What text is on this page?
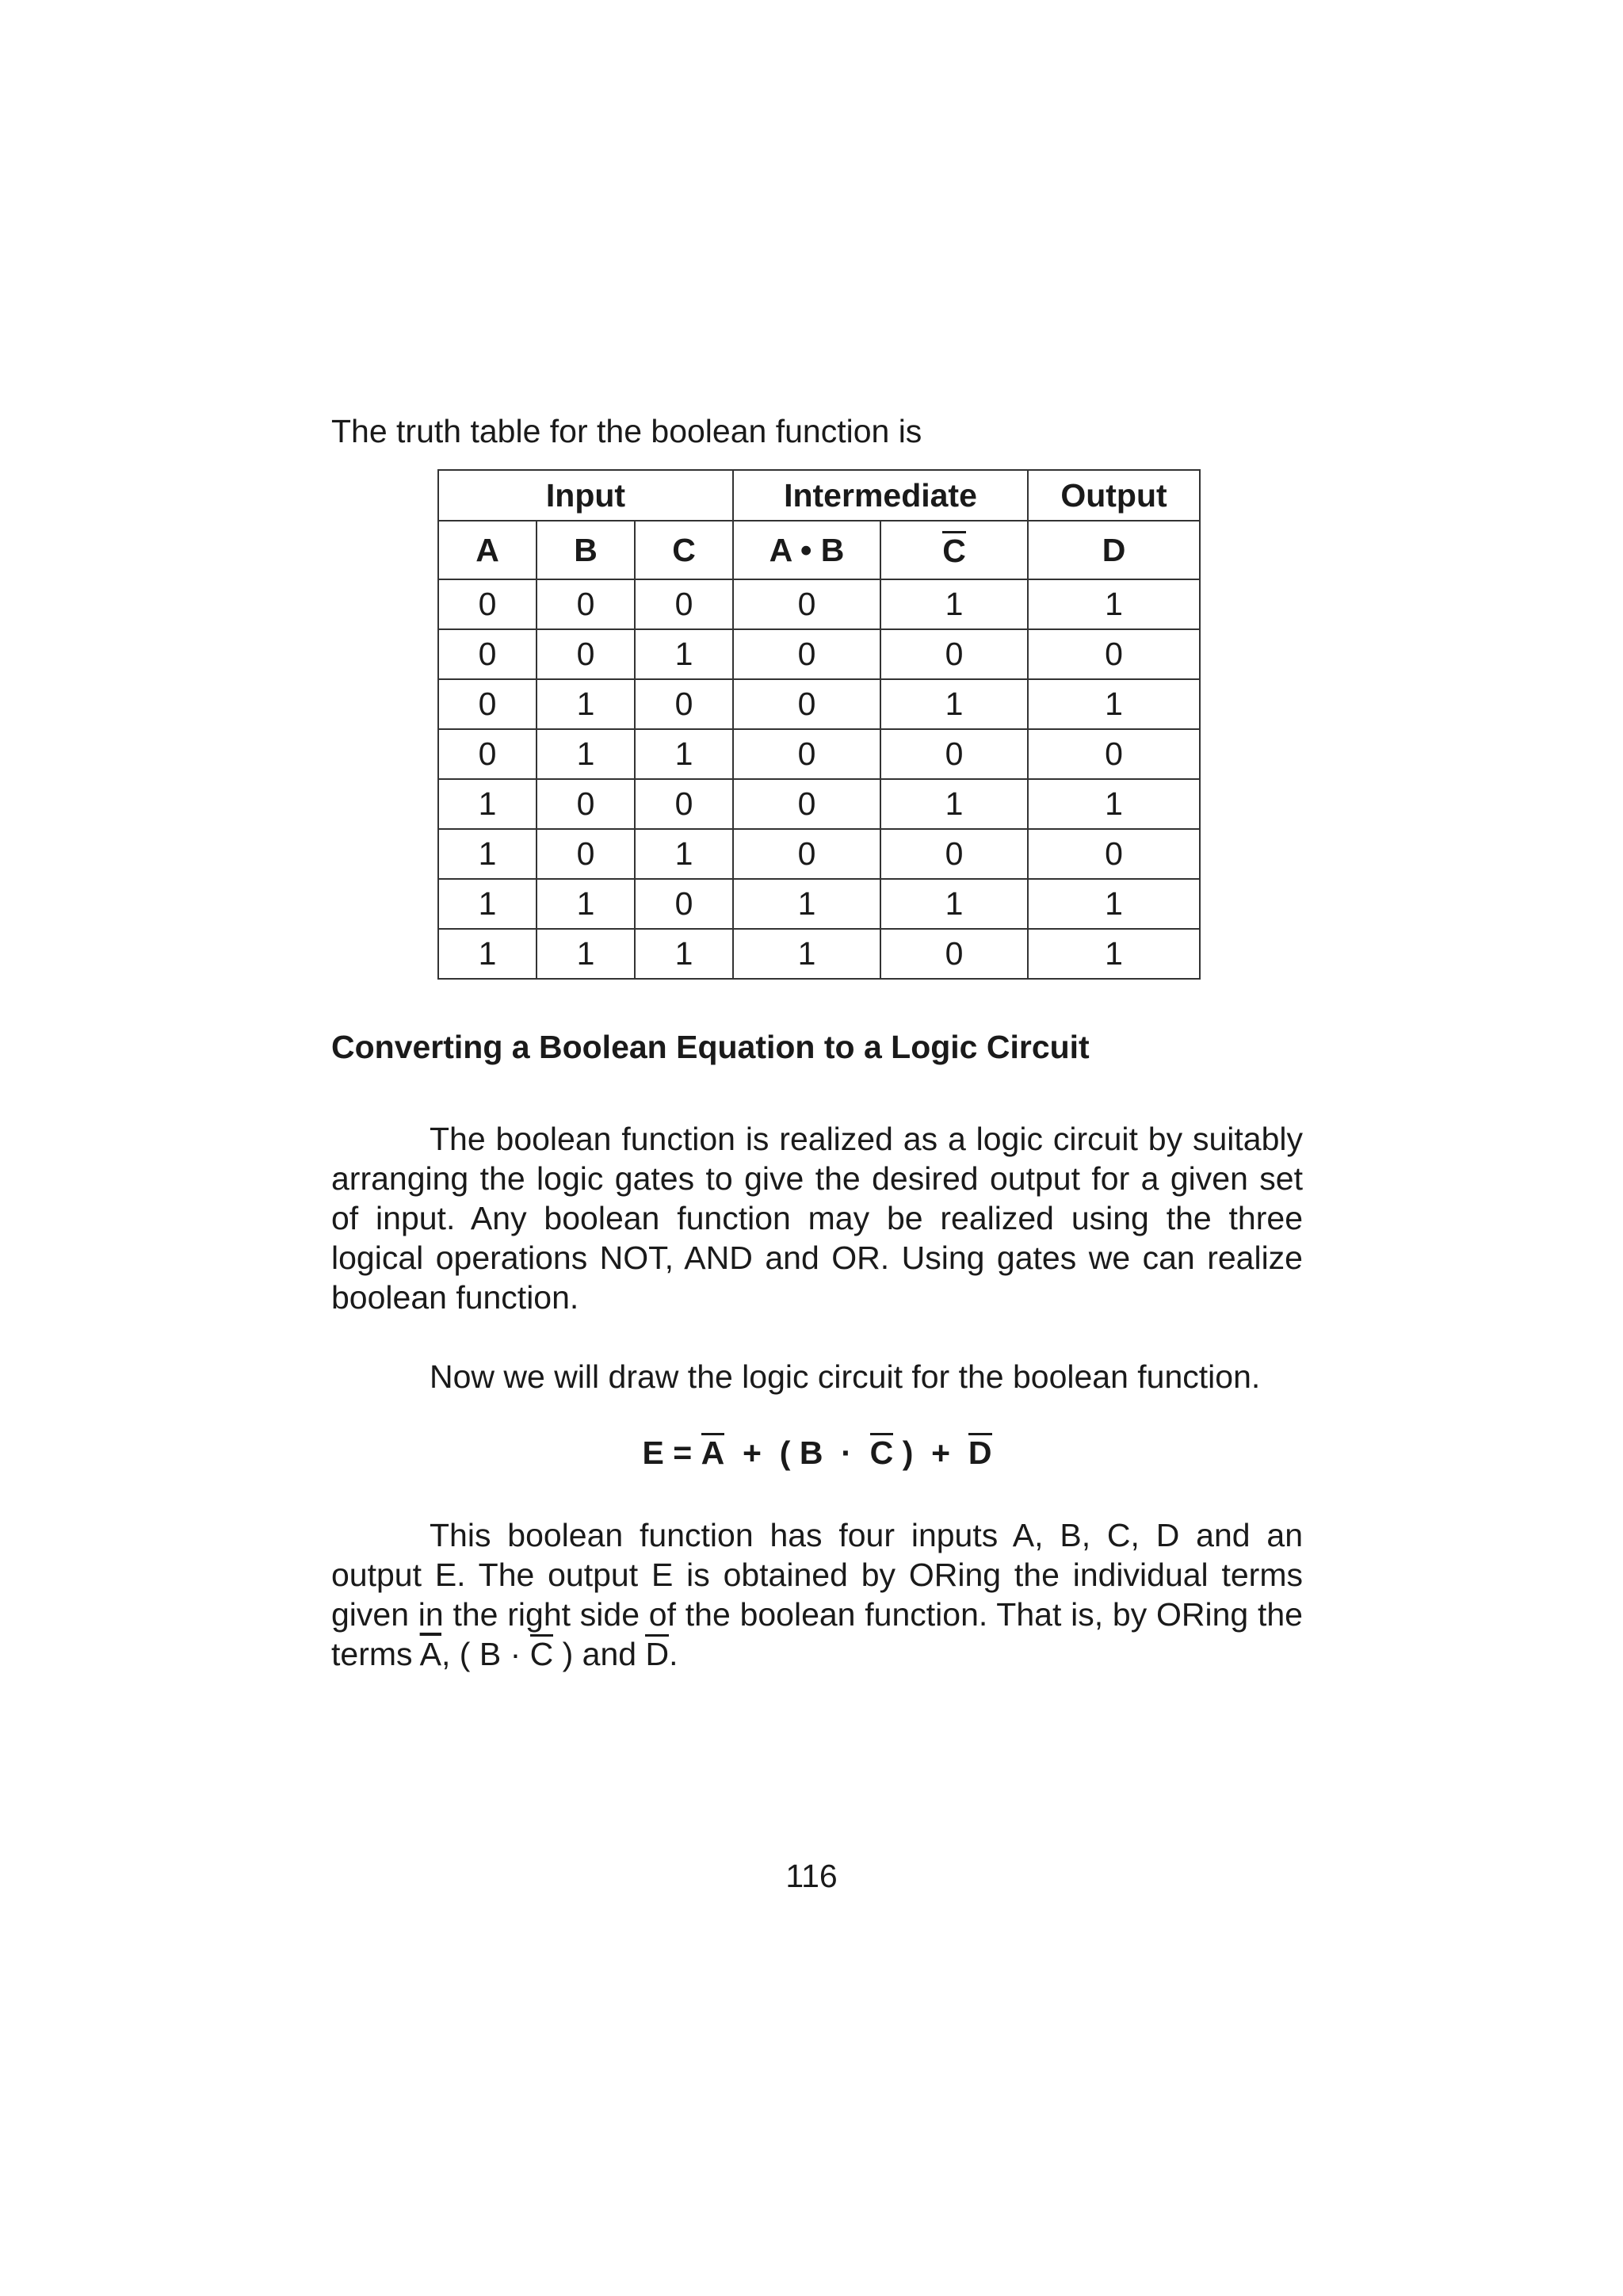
The truth table for the boolean function is
Input			Intermediate		Output
A	B	C	A • B	C	D
0	0	0	0	1	1
0	0	1	0	0	0
0	1	0	0	1	1
0	1	1	0	0	0
1	0	0	0	1	1
1	0	1	0	0	0
1	1	0	1	1	1
1	1	1	1	0	1
Converting a Boolean Equation to a Logic Circuit
The boolean function is realized as a logic circuit by suitably arranging the logic gates to give the desired output for a given set of input. Any boolean function may be realized using the three logical operations NOT, AND and OR. Using gates we can realize boolean function.
Now we will draw the logic circuit for the boolean function.
E = A + ( B · C ) + D
This boolean function has four inputs A, B, C, D and an output E. The output E is obtained by ORing the individual terms given in the right side of the boolean function. That is, by ORing the terms $\overline{A}$, ( B · C ) and D.
116
